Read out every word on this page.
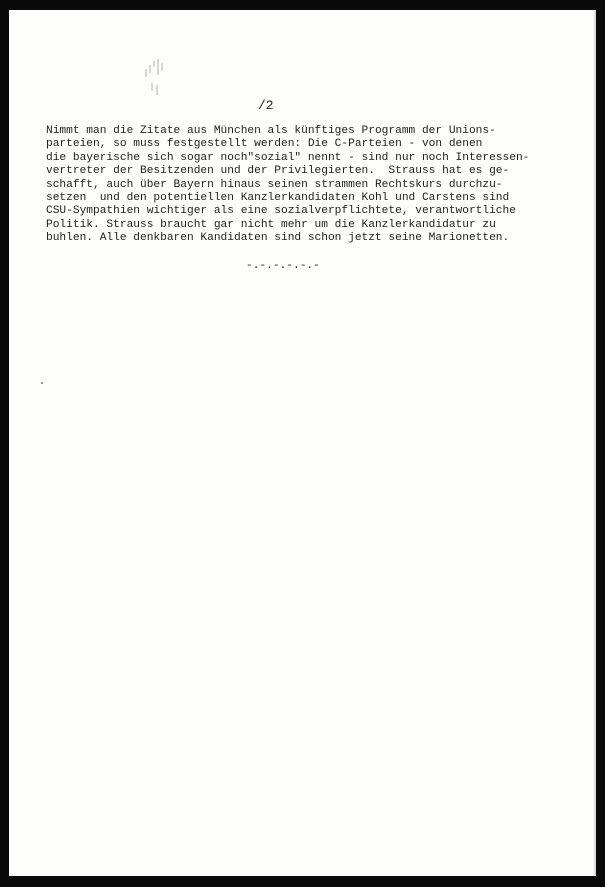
/2
Nimmt man die Zitate aus München als künftiges Programm der Unions-
parteien, so muss festgestellt werden: Die C-Parteien - von denen
die bayerische sich sogar noch"sozial" nennt - sind nur noch Interessen-
vertreter der Besitzenden und der Privilegierten.  Strauss hat es ge-
schafft, auch über Bayern hinaus seinen strammen Rechtskurs durchzu-
setzen  und den potentiellen Kanzlerkandidaten Kohl und Carstens sind
CSU-Sympathien wichtiger als eine sozialverpflichtete, verantwortliche
Politik. Strauss braucht gar nicht mehr um die Kanzlerkandidatur zu
buhlen. Alle denkbaren Kandidaten sind schon jetzt seine Marionetten.
-.-.-.-.-.-
